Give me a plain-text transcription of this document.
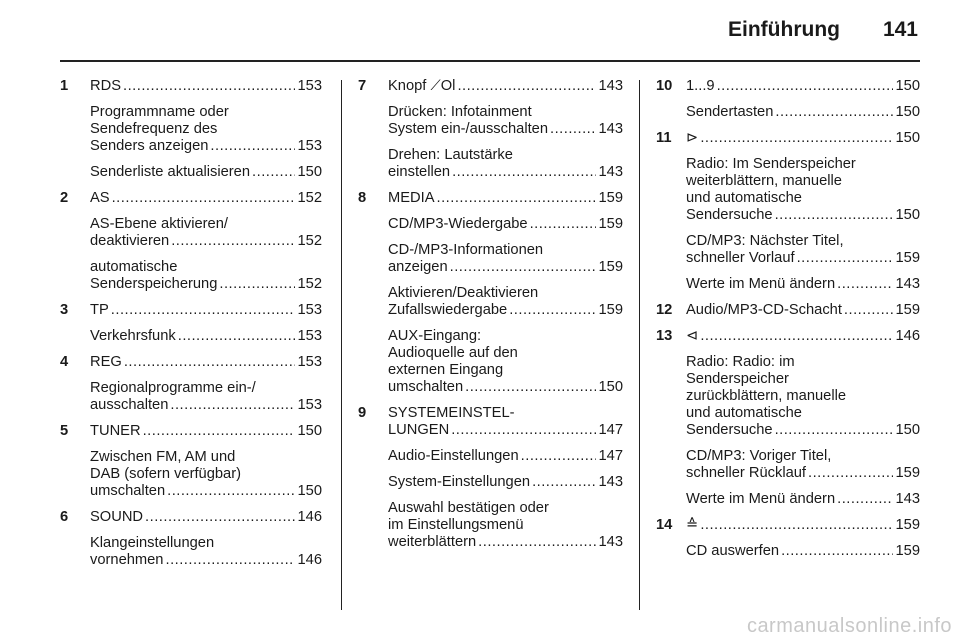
Einführung 141
1 RDS .....	153
Programmname oder
Sendefrequenz des
Senders anzeigen .....	153
Senderliste aktualisieren .....	150
2 AS .....	152
AS-Ebene aktivieren/
deaktivieren .....	152
automatische
Senderspeicherung .....	152
3 TP .....	153
Verkehrsfunk .....	153
4 REG .....	153
Regionalprogramme ein-/
ausschalten .....	153
5 TUNER .....	150
Zwischen FM, AM und
DAB (sofern verfügbar)
umschalten .....	150
6 SOUND .....	146
Klangeinstellungen
vornehmen .....	146
7 Knopf ⟋Ol .....	143
Drücken: Infotainment
System ein-/ausschalten .....	143
Drehen: Lautstärke
einstellen .....	143
8 MEDIA .....	159
CD/MP3-Wiedergabe .....	159
CD-/MP3-Informationen
anzeigen .....	159
Aktivieren/Deaktivieren
Zufallswiedergabe .....	159
AUX-Eingang:
Audioquelle auf den
externen Eingang
umschalten .....	150
9 SYSTEMEINSTEL-
LUNGEN .....	147
Audio-Einstellungen .....	147
System-Einstellungen .....	143
Auswahl bestätigen oder
im Einstellungsmenü
weiterblättern .....	143
10 1...9 .....	150
Sendertasten .....	150
11 ⊳ .....	150
Radio: Im Senderspeicher
weiterblättern, manuelle
und automatische
Sendersuche .....	150
CD/MP3: Nächster Titel,
schneller Vorlauf .....	159
Werte im Menü ändern .....	143
12 Audio/MP3-CD-Schacht .....	159
13 ⊲ .....	146
Radio: Radio: im
Senderspeicher
zurückblättern, manuelle
und automatische
Sendersuche .....	150
CD/MP3: Voriger Titel,
schneller Rücklauf .....	159
Werte im Menü ändern .....	143
14 ≙ .....	159
CD auswerfen .....	159
carmanualsonline.info
